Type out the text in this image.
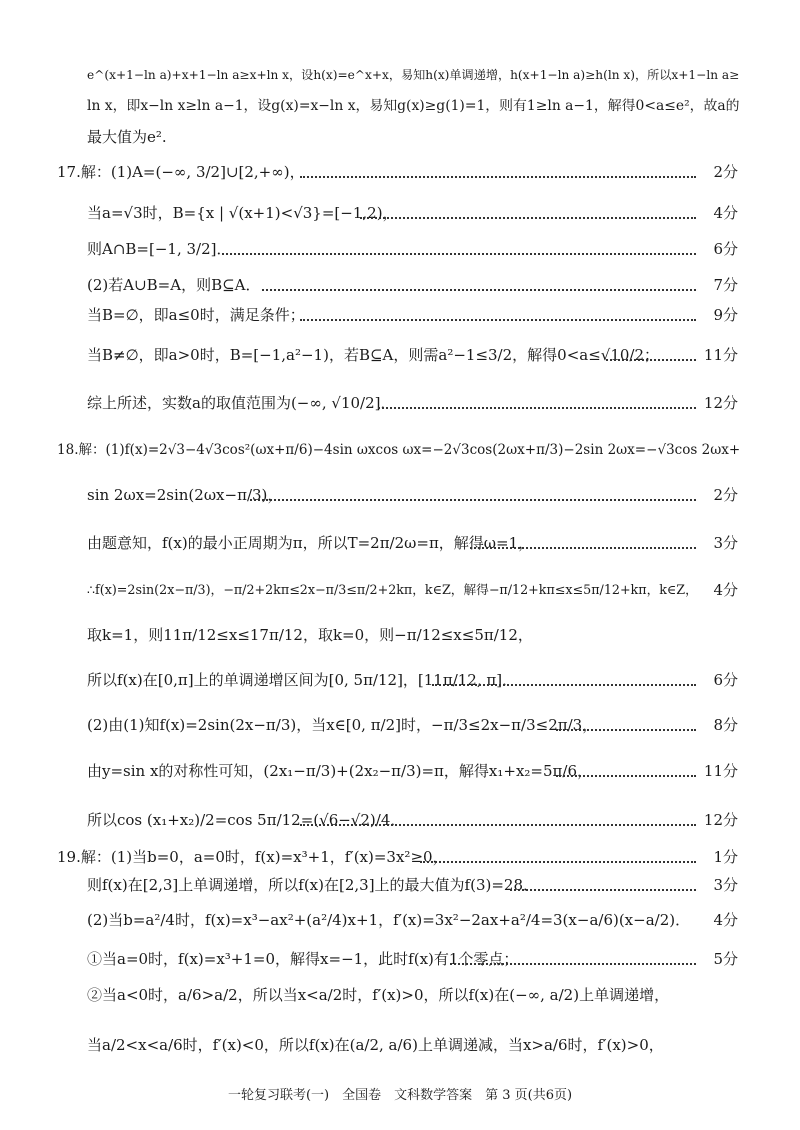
e^(x+1−ln a)+x+1−ln a≥x+ln x，设h(x)=e^x+x，易知h(x)单调递增，h(x+1−ln a)≥h(ln x)，所以x+1−ln a≥
ln x，即x−ln x≥ln a−1，设g(x)=x−ln x，易知g(x)≥g(1)=1，则有1≥ln a−1，解得0<a≤e²，故a的
最大值为e².
17.解：(1)A=(−∞, 3/2]∪[2,+∞)，	2分
当a=√3时，B={x | √(x+1)<√3}=[−1,2)，	4分
则A∩B=[−1, 3/2]．	6分
(2)若A∪B=A，则B⊆A．	7分
当B=∅，即a≤0时，满足条件；	9分
当B≠∅，即a>0时，B=[−1,a²−1)，若B⊆A，则需a²−1≤3/2，解得0<a≤√10/2；	11分
综上所述，实数a的取值范围为(−∞, √10/2]．	12分
18.解：(1)f(x)=2√3−4√3cos²(ωx+π/6)−4sin ωxcos ωx=−2√3cos(2ωx+π/3)−2sin 2ωx=−√3cos 2ωx+
sin 2ωx=2sin(2ωx−π/3)，	2分
由题意知，f(x)的最小正周期为π，所以T=2π/2ω=π，解得ω=1，	3分
∴f(x)=2sin(2x−π/3)，−π/2+2kπ≤2x−π/3≤π/2+2kπ，k∈Z，解得−π/12+kπ≤x≤5π/12+kπ，k∈Z， 4分
取k=1，则11π/12≤x≤17π/12，取k=0，则−π/12≤x≤5π/12，
所以f(x)在[0,π]上的单调递增区间为[0, 5π/12]，[11π/12, π]．	6分
(2)由(1)知f(x)=2sin(2x−π/3)，当x∈[0, π/2]时，−π/3≤2x−π/3≤2π/3，	8分
由y=sin x的对称性可知，(2x₁−π/3)+(2x₂−π/3)=π，解得x₁+x₂=5π/6，	11分
所以cos (x₁+x₂)/2=cos 5π/12=(√6−√2)/4．	12分
19.解：(1)当b=0，a=0时，f(x)=x³+1，f′(x)=3x²≥0，	1分
则f(x)在[2,3]上单调递增，所以f(x)在[2,3]上的最大值为f(3)=28．	3分
(2)当b=a²/4时，f(x)=x³−ax²+(a²/4)x+1，f′(x)=3x²−2ax+a²/4=3(x−a/6)(x−a/2)． 4分
①当a=0时，f(x)=x³+1=0，解得x=−1，此时f(x)有1个零点；	5分
②当a<0时，a/6>a/2，所以当x<a/2时，f′(x)>0，所以f(x)在(−∞, a/2)上单调递增，
当a/2<x<a/6时，f′(x)<0，所以f(x)在(a/2, a/6)上单调递减，当x>a/6时，f′(x)>0，
一轮复习联考(一)　全国卷　文科数学答案　第 3 页(共6页)
